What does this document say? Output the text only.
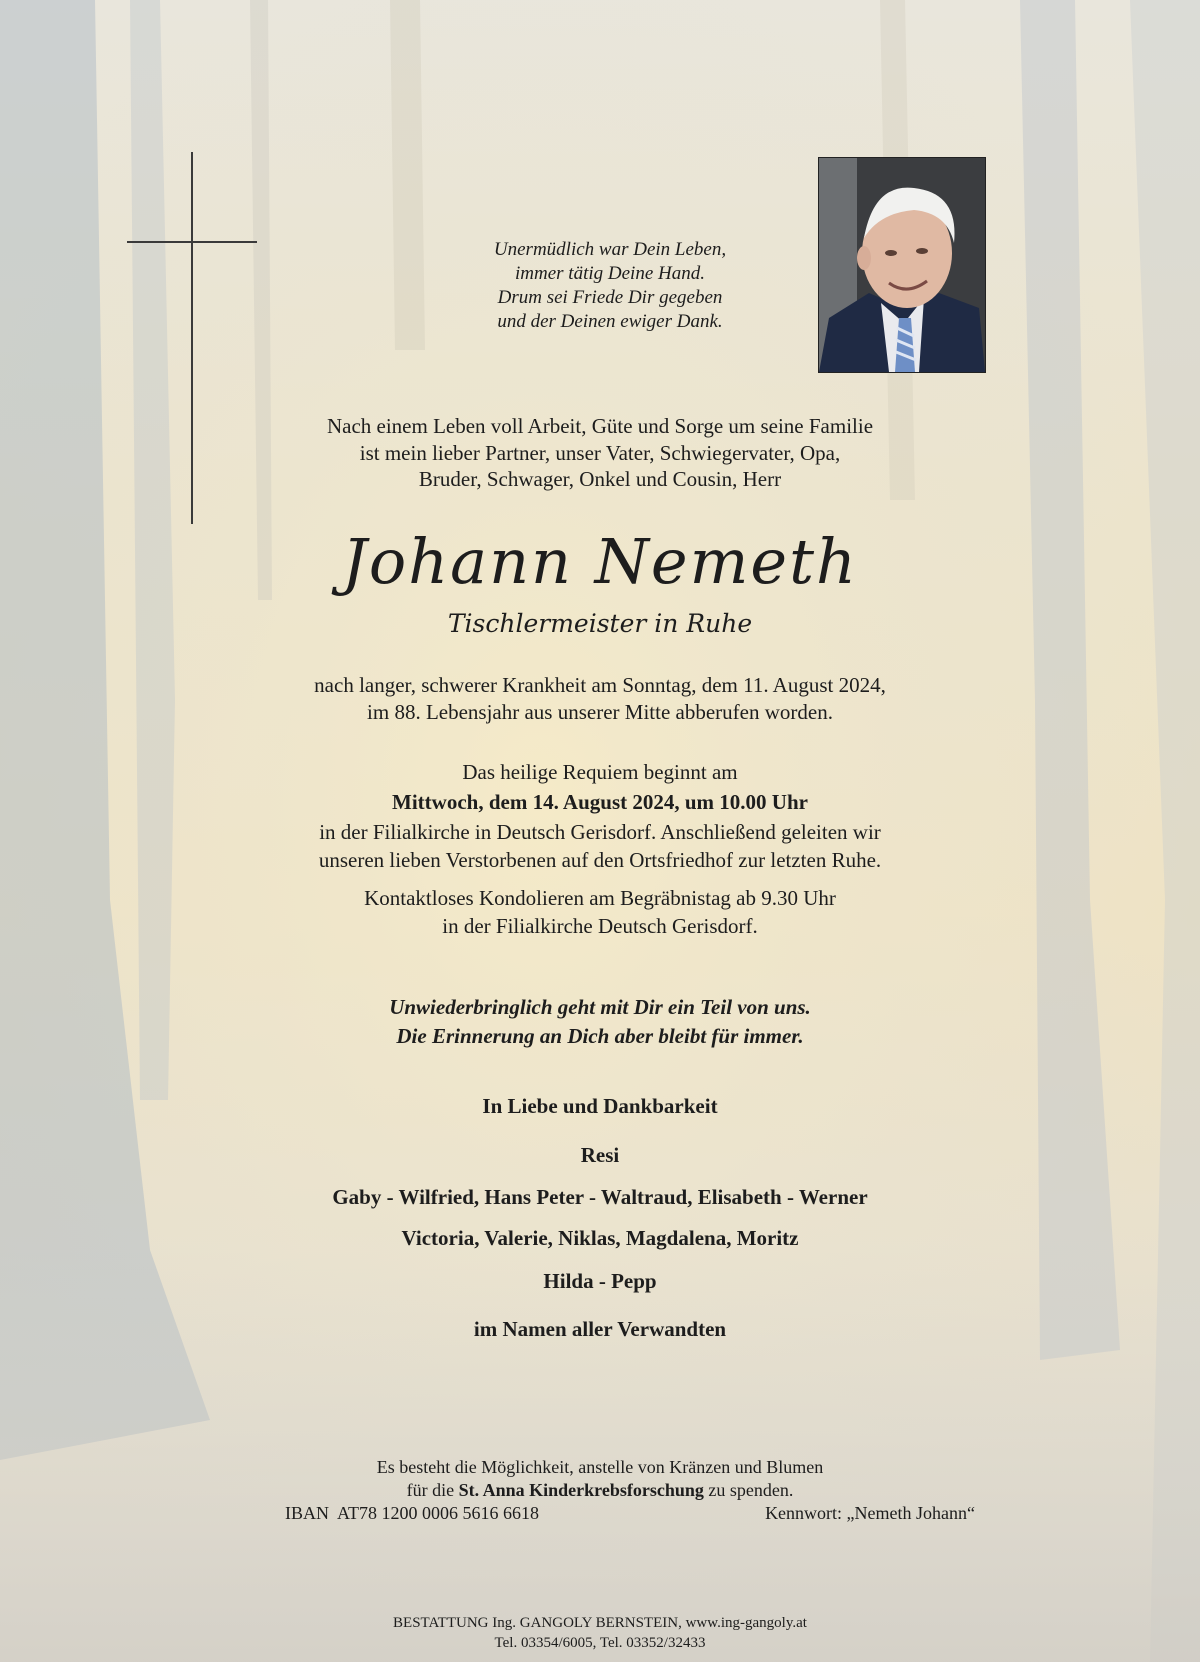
Unermüdlich war Dein Leben,
immer tätig Deine Hand.
Drum sei Friede Dir gegeben
und der Deinen ewiger Dank.
Nach einem Leben voll Arbeit, Güte und Sorge um seine Familie
ist mein lieber Partner, unser Vater, Schwiegervater, Opa,
Bruder, Schwager, Onkel und Cousin, Herr
Johann Nemeth
Tischlermeister in Ruhe
nach langer, schwerer Krankheit am Sonntag, dem 11. August 2024,
im 88. Lebensjahr aus unserer Mitte abberufen worden.
Das heilige Requiem beginnt am
Mittwoch, dem 14. August 2024, um 10.00 Uhr
in der Filialkirche in Deutsch Gerisdorf. Anschließend geleiten wir
unseren lieben Verstorbenen auf den Ortsfriedhof zur letzten Ruhe.
Kontaktloses Kondolieren am Begräbnistag ab 9.30 Uhr
in der Filialkirche Deutsch Gerisdorf.
Unwiederbringlich geht mit Dir ein Teil von uns.
Die Erinnerung an Dich aber bleibt für immer.
In Liebe und Dankbarkeit
Resi
Gaby - Wilfried, Hans Peter - Waltraud, Elisabeth - Werner
Victoria, Valerie, Niklas, Magdalena, Moritz
Hilda - Pepp
im Namen aller Verwandten
Es besteht die Möglichkeit, anstelle von Kränzen und Blumen
für die St. Anna Kinderkrebsforschung zu spenden.
IBAN  AT78 1200 0006 5616 6618	Kennwort: „Nemeth Johann“
BESTATTUNG Ing. GANGOLY BERNSTEIN, www.ing-gangoly.at
Tel. 03354/6005, Tel. 03352/32433
